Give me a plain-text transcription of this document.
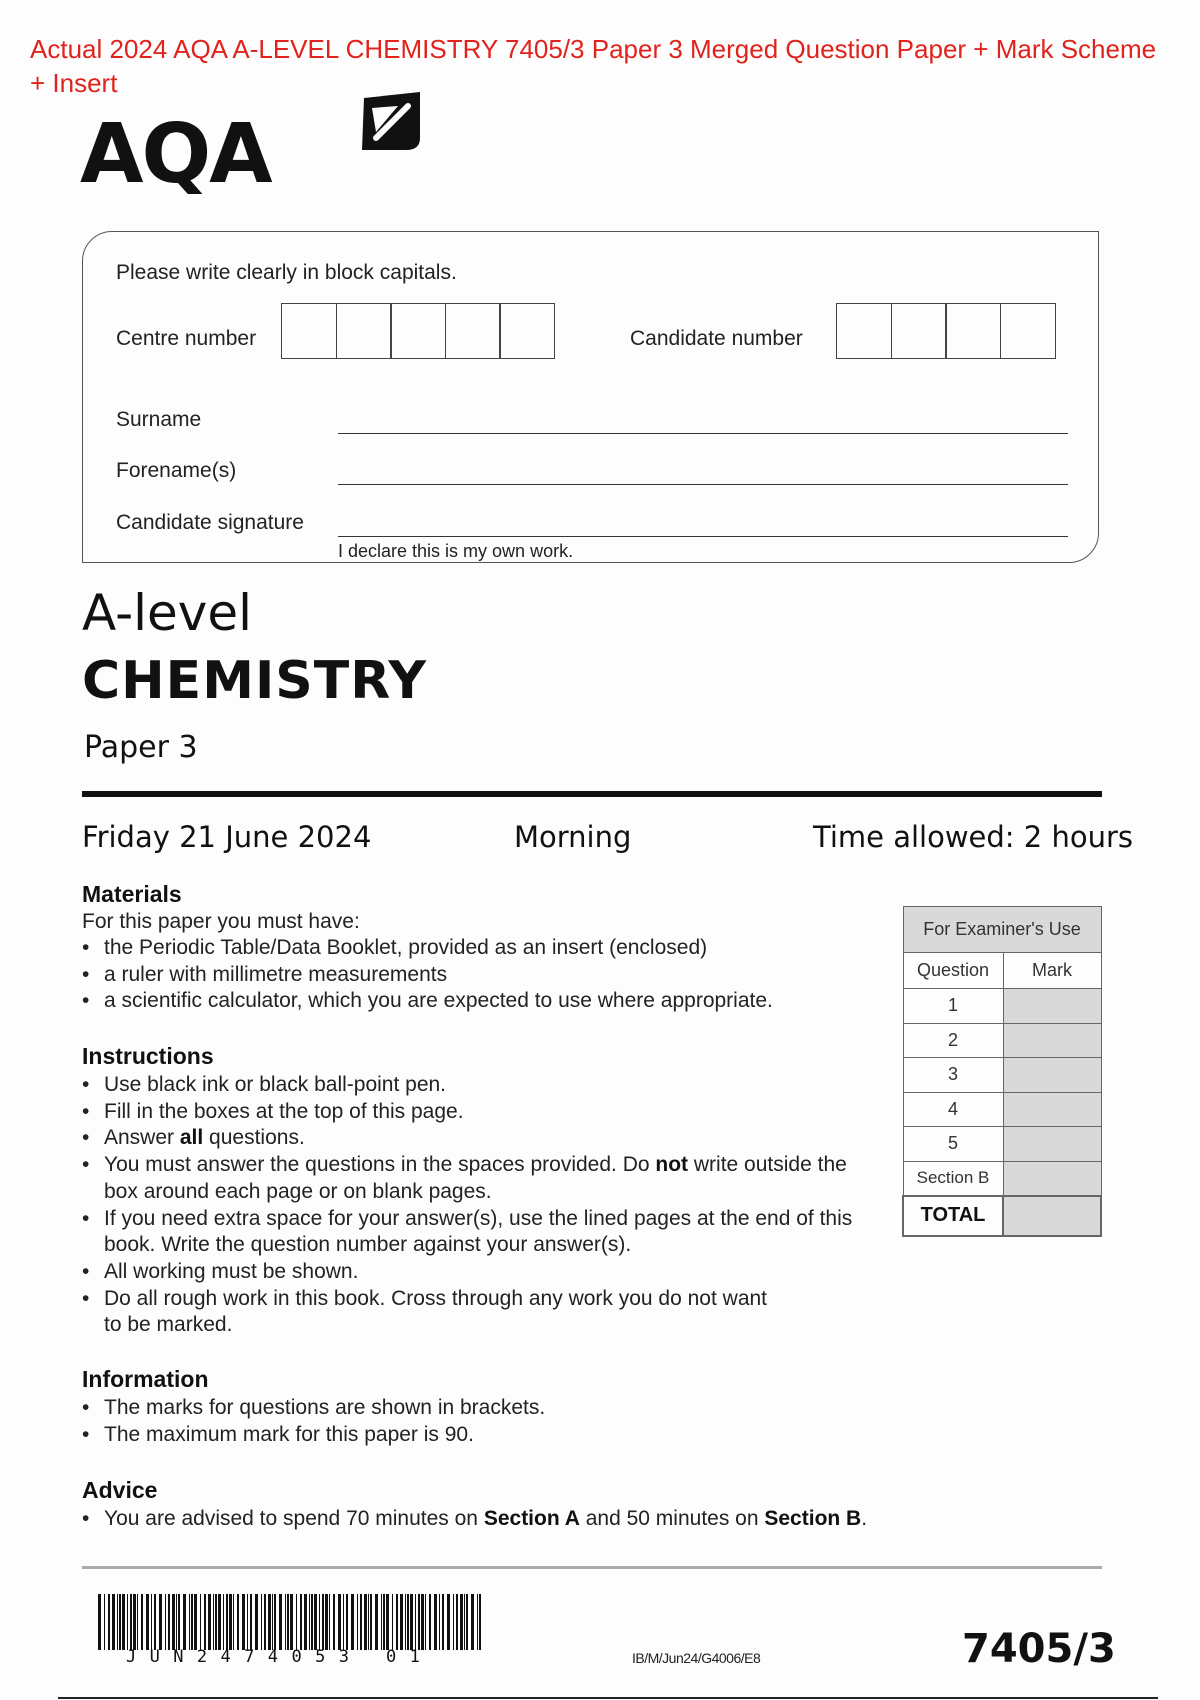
Actual 2024 AQA A-LEVEL CHEMISTRY 7405/3 Paper 3 Merged Question Paper + Mark Scheme + Insert
AQA
Please write clearly in block capitals.
Centre number	Candidate number
Surname
Forename(s)
Candidate signature
I declare this is my own work.
A-level
CHEMISTRY
Paper 3
Friday 21 June 2024	Morning	Time allowed: 2 hours
Materials
For this paper you must have:
• the Periodic Table/Data Booklet, provided as an insert (enclosed)
• a ruler with millimetre measurements
• a scientific calculator, which you are expected to use where appropriate.
Instructions
• Use black ink or black ball-point pen.
• Fill in the boxes at the top of this page.
• Answer all questions.
• You must answer the questions in the spaces provided. Do not write outside the box around each page or on blank pages.
• If you need extra space for your answer(s), use the lined pages at the end of this book. Write the question number against your answer(s).
• All working must be shown.
• Do all rough work in this book. Cross through any work you do not want to be marked.
Information
• The marks for questions are shown in brackets.
• The maximum mark for this paper is 90.
Advice
• You are advised to spend 70 minutes on Section A and 50 minutes on Section B.
For Examiner's Use	
Question	Mark
1	
2	
3	
4	
5	
Section B	
TOTAL	
JUN2474053 01	IB/M/Jun24/G4006/E8	7405/3
